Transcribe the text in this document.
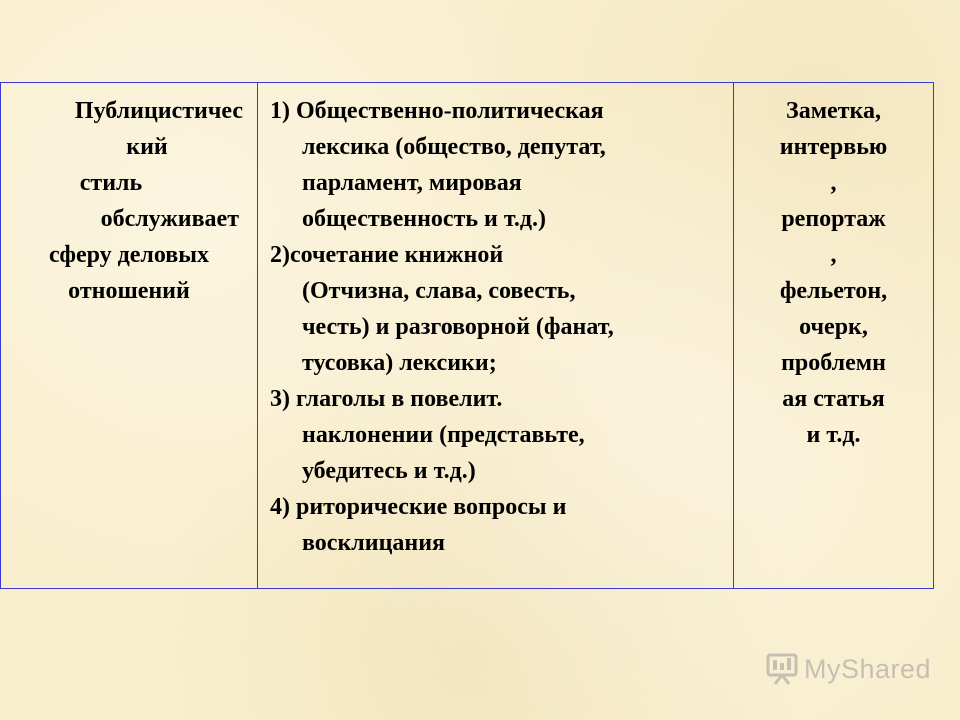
Публицистичес
кий
стиль
обслуживает
сферу деловых
отношений
1) Общественно-политическая
лексика (общество, депутат,
парламент, мировая
общественность и т.д.)
2)сочетание книжной
(Отчизна, слава, совесть,
честь) и разговорной (фанат,
тусовка) лексики;
3) глаголы в повелит.
наклонении (представьте,
убедитесь и т.д.)
4) риторические вопросы и
восклицания
Заметка,
интервью
,
репортаж
,
фельетон,
очерк,
проблемн
ая статья
и т.д.
MyShared
